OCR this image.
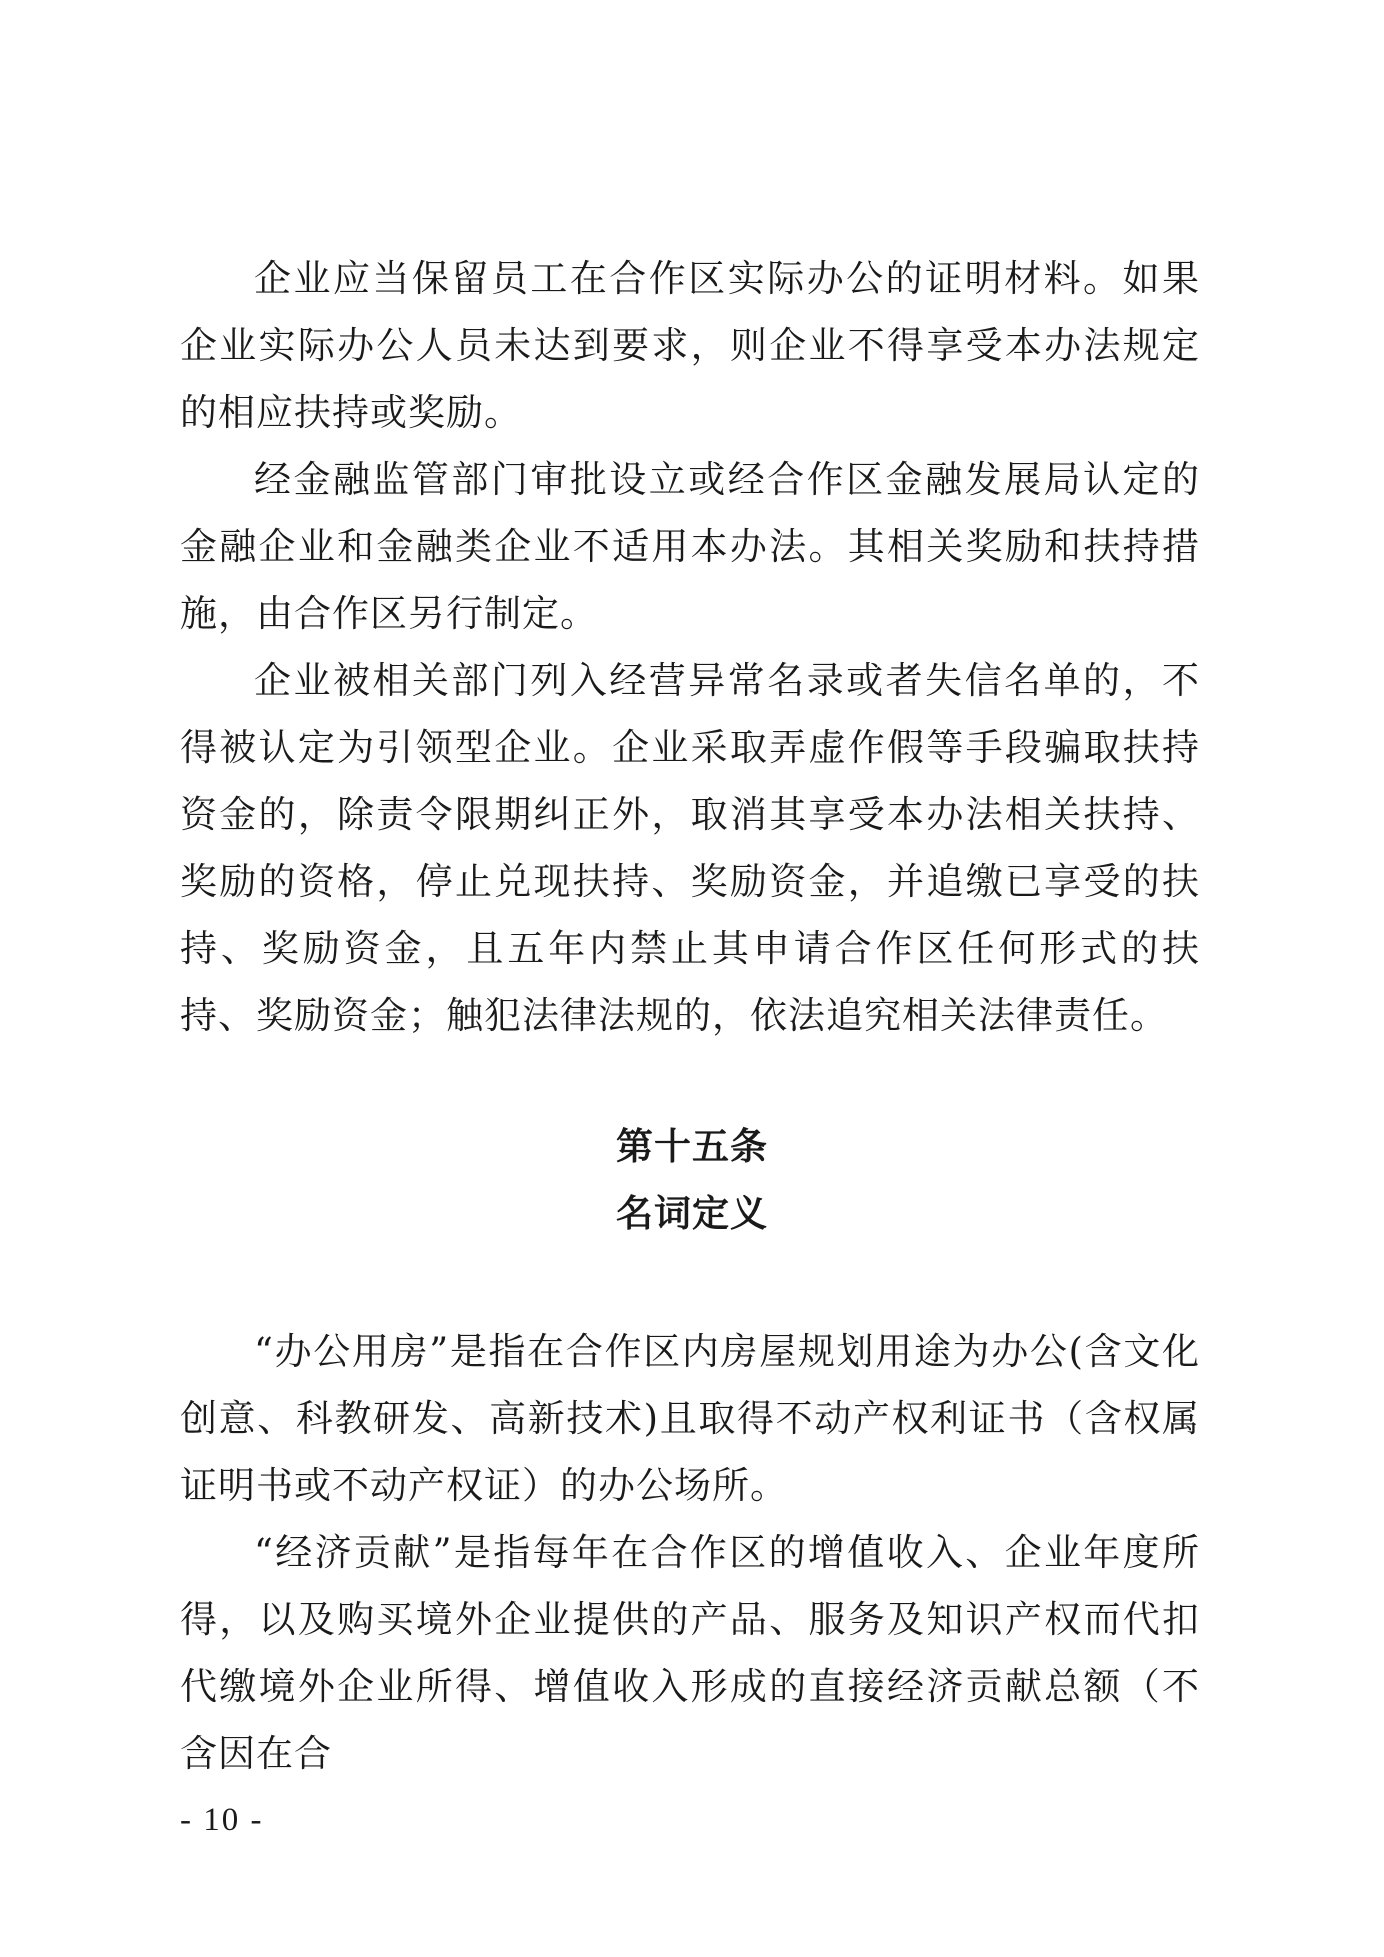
企业应当保留员工在合作区实际办公的证明材料。如果企业实际办公人员未达到要求，则企业不得享受本办法规定的相应扶持或奖励。

经金融监管部门审批设立或经合作区金融发展局认定的金融企业和金融类企业不适用本办法。其相关奖励和扶持措施，由合作区另行制定。

企业被相关部门列入经营异常名录或者失信名单的，不得被认定为引领型企业。企业采取弄虚作假等手段骗取扶持资金的，除责令限期纠正外，取消其享受本办法相关扶持、奖励的资格，停止兑现扶持、奖励资金，并追缴已享受的扶持、奖励资金，且五年内禁止其申请合作区任何形式的扶持、奖励资金；触犯法律法规的，依法追究相关法律责任。

第十五条
名词定义

“办公用房”是指在合作区内房屋规划用途为办公(含文化创意、科教研发、高新技术)且取得不动产权利证书（含权属证明书或不动产权证）的办公场所。

“经济贡献”是指每年在合作区的增值收入、企业年度所得，以及购买境外企业提供的产品、服务及知识产权而代扣代缴境外企业所得、增值收入形成的直接经济贡献总额（不含因在合

- 10 -
